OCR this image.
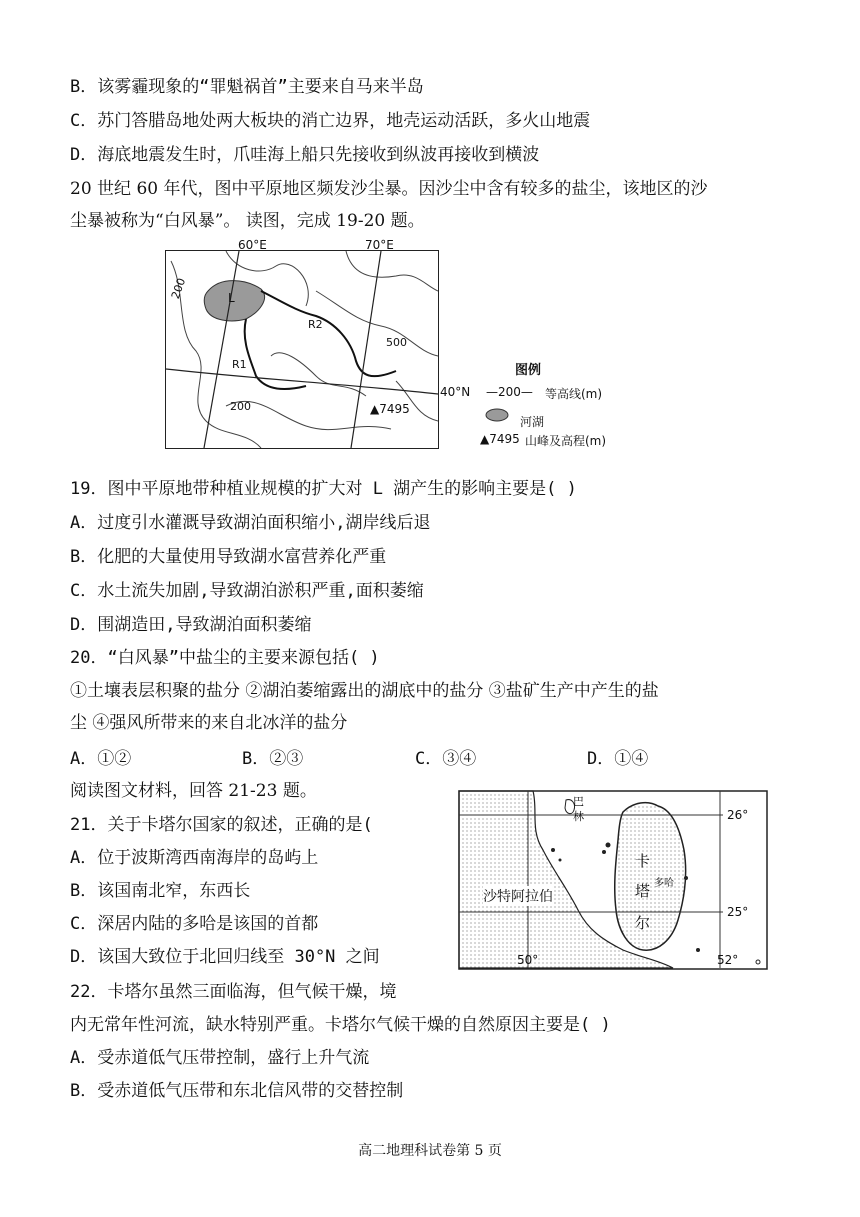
B．该雾霾现象的“罪魁祸首”主要来自马来半岛
C．苏门答腊岛地处两大板块的消亡边界，地壳运动活跃，多火山地震
D．海底地震发生时，爪哇海上船只先接收到纵波再接收到横波
20 世纪 60 年代，图中平原地区频发沙尘暴。因沙尘中含有较多的盐尘，该地区的沙
尘暴被称为“白风暴”。 读图，完成 19-20 题。
60°E	70°E
L
R1
R2
200
200
500
▲7495
图例
40°N —200— 等高线(m)
河湖
▲7495 山峰及高程(m)
19．图中平原地带种植业规模的扩大对 L 湖产生的影响主要是( )
A．过度引水灌溉导致湖泊面积缩小,湖岸线后退
B．化肥的大量使用导致湖水富营养化严重
C．水土流失加剧,导致湖泊淤积严重,面积萎缩
D．围湖造田,导致湖泊面积萎缩
20．“白风暴”中盐尘的主要来源包括( )
①土壤表层积聚的盐分 ②湖泊萎缩露出的湖底中的盐分 ③盐矿生产中产生的盐
尘 ④强风所带来的来自北冰洋的盐分
A．①②	B．②③	C．③④	D．①④
阅读图文材料，回答 21-23 题。
26°
25°
50°	52°
巴
林
卡
塔
尔
多哈
沙特阿拉伯
21．关于卡塔尔国家的叙述，正确的是(
A．位于波斯湾西南海岸的岛屿上
B．该国南北窄，东西长
C．深居内陆的多哈是该国的首都
D．该国大致位于北回归线至 30°N 之间
22．卡塔尔虽然三面临海，但气候干燥，境
内无常年性河流，缺水特别严重。卡塔尔气候干燥的自然原因主要是( )
A．受赤道低气压带控制，盛行上升气流
B．受赤道低气压带和东北信风带的交替控制
高二地理科试卷第 5 页
